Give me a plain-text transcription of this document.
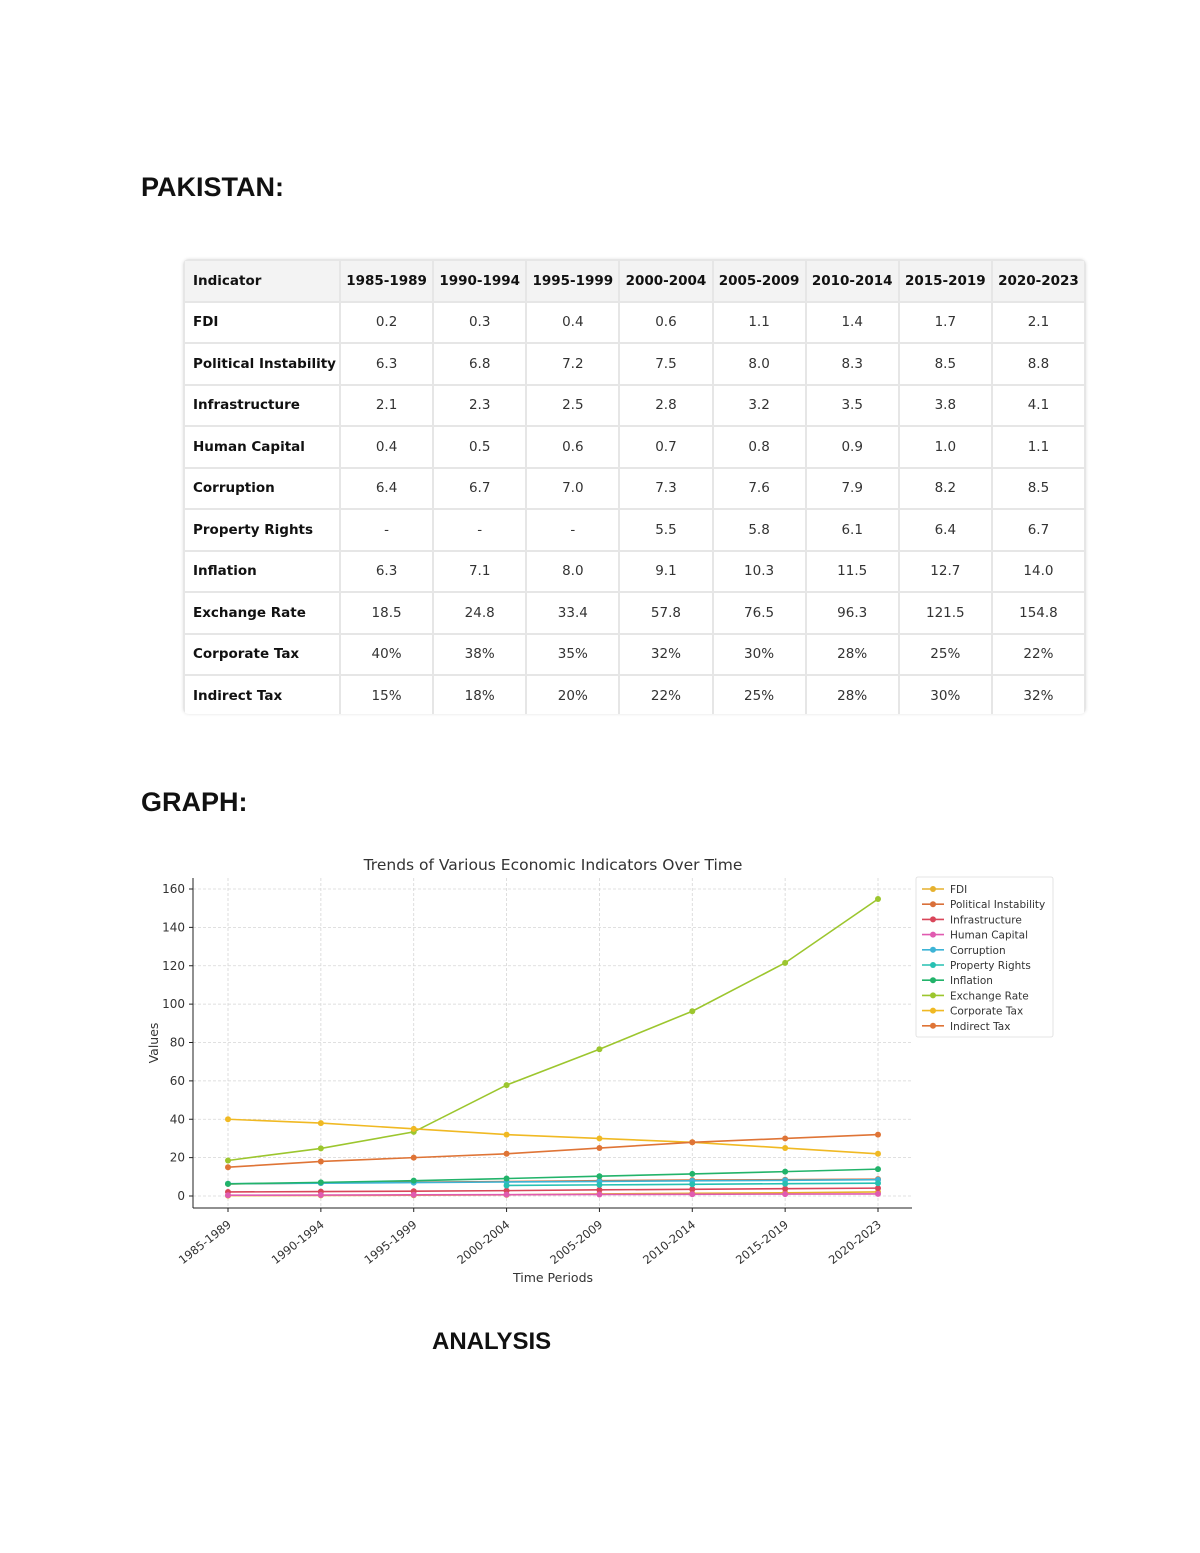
PAKISTAN:
Indicator	1985-1989	1990-1994	1995-1999	2000-2004	2005-2009	2010-2014	2015-2019	2020-2023
FDI	0.2	0.3	0.4	0.6	1.1	1.4	1.7	2.1
Political Instability	6.3	6.8	7.2	7.5	8.0	8.3	8.5	8.8
Infrastructure	2.1	2.3	2.5	2.8	3.2	3.5	3.8	4.1
Human Capital	0.4	0.5	0.6	0.7	0.8	0.9	1.0	1.1
Corruption	6.4	6.7	7.0	7.3	7.6	7.9	8.2	8.5
Property Rights	-	-	-	5.5	5.8	6.1	6.4	6.7
Inflation	6.3	7.1	8.0	9.1	10.3	11.5	12.7	14.0
Exchange Rate	18.5	24.8	33.4	57.8	76.5	96.3	121.5	154.8
Corporate Tax	40%	38%	35%	32%	30%	28%	25%	22%
Indirect Tax	15%	18%	20%	22%	25%	28%	30%	32%
GRAPH:
Trends of Various Economic Indicators Over Time
Time Periods
Values
0
20
40
60
80
100
120
140
160
1985-1989	1990-1994	1995-1999	2000-2004	2005-2009	2010-2014	2015-2019	2020-2023
FDI
Political Instability
Infrastructure
Human Capital
Corruption
Property Rights
Inflation
Exchange Rate
Corporate Tax
Indirect Tax
ANALYSIS
